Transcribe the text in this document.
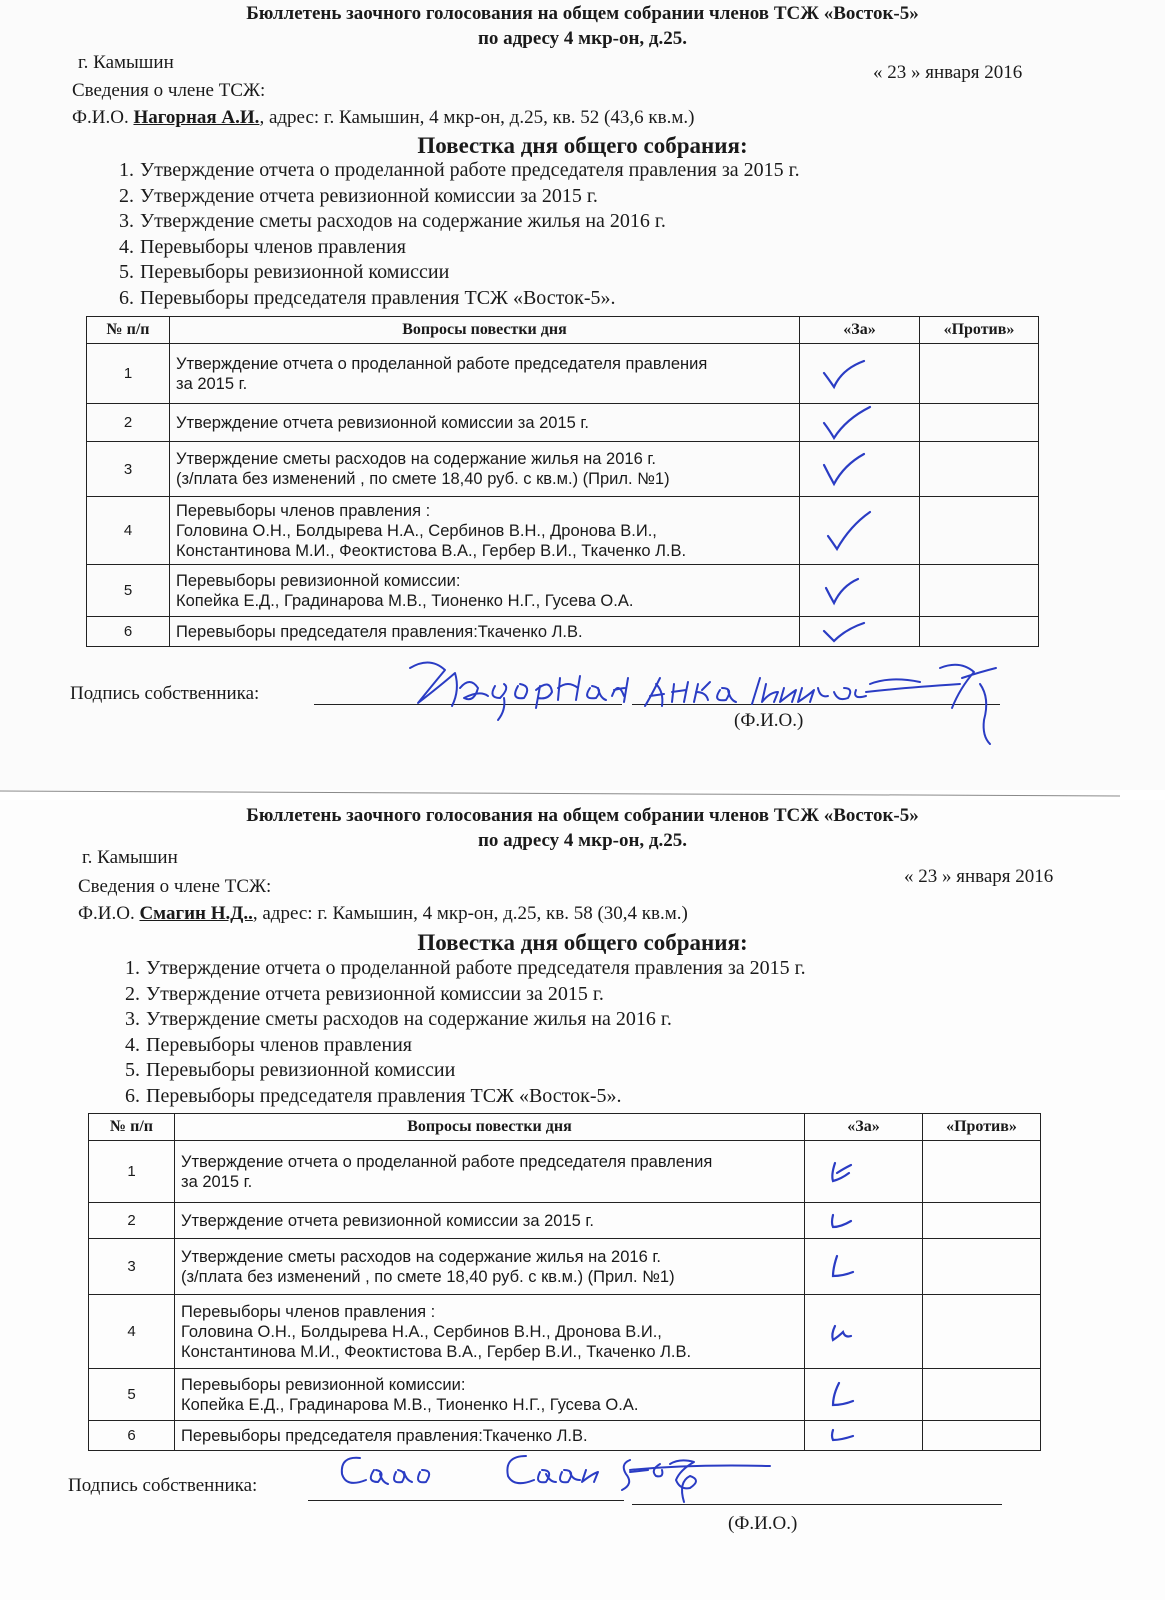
Бюллетень заочного голосования на общем собрании членов ТСЖ «Восток-5»
по адресу 4 мкр-он, д.25.
г. Камышин	« 23 » января 2016
Сведения о члене ТСЖ:
Ф.И.О. Нагорная А.И., адрес: г. Камышин, 4 мкр-он, д.25, кв. 52 (43,6 кв.м.)
Повестка дня общего собрания:
1. Утверждение отчета о проделанной работе председателя правления за 2015 г.
2. Утверждение отчета ревизионной комиссии за 2015 г.
3. Утверждение сметы расходов на содержание жилья на 2016 г.
4. Перевыборы членов правления
5. Перевыборы ревизионной комиссии
6. Перевыборы председателя правления ТСЖ «Восток-5».
№ п/п	Вопросы повестки дня	«За»	«Против»
1	Утверждение отчета о проделанной работе председателя правления
за 2015 г.

2	Утверждение отчета ревизионной комиссии за 2015 г.

3	Утверждение сметы расходов на содержание жилья на 2016 г.
(з/плата без изменений , по смете 18,40 руб. с кв.м.) (Прил. №1)

4	Перевыборы членов правления :
Головина О.Н., Болдырева Н.А., Сербинов В.Н., Дронова В.И.,
Константинова М.И., Феоктистова В.А., Гербер В.И., Ткаченко Л.В.

5	Перевыборы ревизионной комиссии:
Копейка Е.Д., Градинарова М.В., Тионенко Н.Г., Гусева О.А.

6	Перевыборы председателя правления:Ткаченко Л.В.

Подпись собственника:
(Ф.И.О.)
Бюллетень заочного голосования на общем собрании членов ТСЖ «Восток-5»
по адресу 4 мкр-он, д.25.
г. Камышин
« 23 » января 2016
Сведения о члене ТСЖ:
Ф.И.О. Смагин Н.Д.., адрес: г. Камышин, 4 мкр-он, д.25, кв. 58 (30,4 кв.м.)
Повестка дня общего собрания:
1. Утверждение отчета о проделанной работе председателя правления за 2015 г.
2. Утверждение отчета ревизионной комиссии за 2015 г.
3. Утверждение сметы расходов на содержание жилья на 2016 г.
4. Перевыборы членов правления
5. Перевыборы ревизионной комиссии
6. Перевыборы председателя правления ТСЖ «Восток-5».
№ п/п	Вопросы повестки дня	«За»	«Против»
1	Утверждение отчета о проделанной работе председателя правления
за 2015 г.

2	Утверждение отчета ревизионной комиссии за 2015 г.

3	Утверждение сметы расходов на содержание жилья на 2016 г.
(з/плата без изменений , по смете 18,40 руб. с кв.м.) (Прил. №1)

4	Перевыборы членов правления :
Головина О.Н., Болдырева Н.А., Сербинов В.Н., Дронова В.И.,
Константинова М.И., Феоктистова В.А., Гербер В.И., Ткаченко Л.В.

5	Перевыборы ревизионной комиссии:
Копейка Е.Д., Градинарова М.В., Тионенко Н.Г., Гусева О.А.

6	Перевыборы председателя правления:Ткаченко Л.В.

Подпись собственника:
(Ф.И.О.)
